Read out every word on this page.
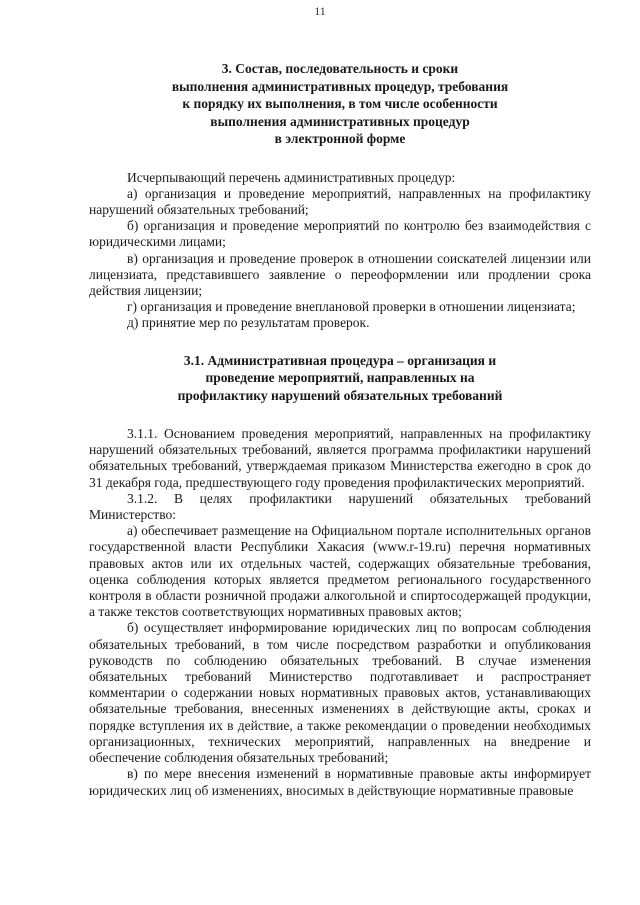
11
3. Состав, последовательность и сроки
выполнения административных процедур, требования
к порядку их выполнения, в том числе особенности
выполнения административных процедур
в электронной форме

Исчерпывающий перечень административных процедур:

а) организация и проведение мероприятий, направленных на профилактику нарушений обязательных требований;

б) организация и проведение мероприятий по контролю без взаимодействия с юридическими лицами;

в) организация и проведение проверок в отношении соискателей лицензии или лицензиата, представившего заявление о переоформлении или продлении срока действия лицензии;

г) организация и проведение внеплановой проверки в отношении лицензиата;

д) принятие мер по результатам проверок.

3.1. Административная процедура – организация и
проведение мероприятий, направленных на
профилактику нарушений обязательных требований

3.1.1. Основанием проведения мероприятий, направленных на профилактику нарушений обязательных требований, является программа профилактики нарушений обязательных требований, утверждаемая приказом Министерства ежегодно в срок до 31 декабря года, предшествующего году проведения профилактических мероприятий.

3.1.2. В целях профилактики нарушений обязательных требований Министерство:

а) обеспечивает размещение на Официальном портале исполнительных органов государственной власти Республики Хакасия (www.r-19.ru) перечня нормативных правовых актов или их отдельных частей, содержащих обязательные требования, оценка соблюдения которых является предметом регионального государственного контроля в области розничной продажи алкогольной и спиртосодержащей продукции, а также текстов соответствующих нормативных правовых актов;

б) осуществляет информирование юридических лиц по вопросам соблюдения обязательных требований, в том числе посредством разработки и опубликования руководств по соблюдению обязательных требований. В случае изменения обязательных требований Министерство подготавливает и распространяет комментарии о содержании новых нормативных правовых актов, устанавливающих обязательные требования, внесенных изменениях в действующие акты, сроках и порядке вступления их в действие, а также рекомендации о проведении необходимых организационных, технических мероприятий, направленных на внедрение и обеспечение соблюдения обязательных требований;

в) по мере внесения изменений в нормативные правовые акты информирует юридических лиц об изменениях, вносимых в действующие нормативные правовые
